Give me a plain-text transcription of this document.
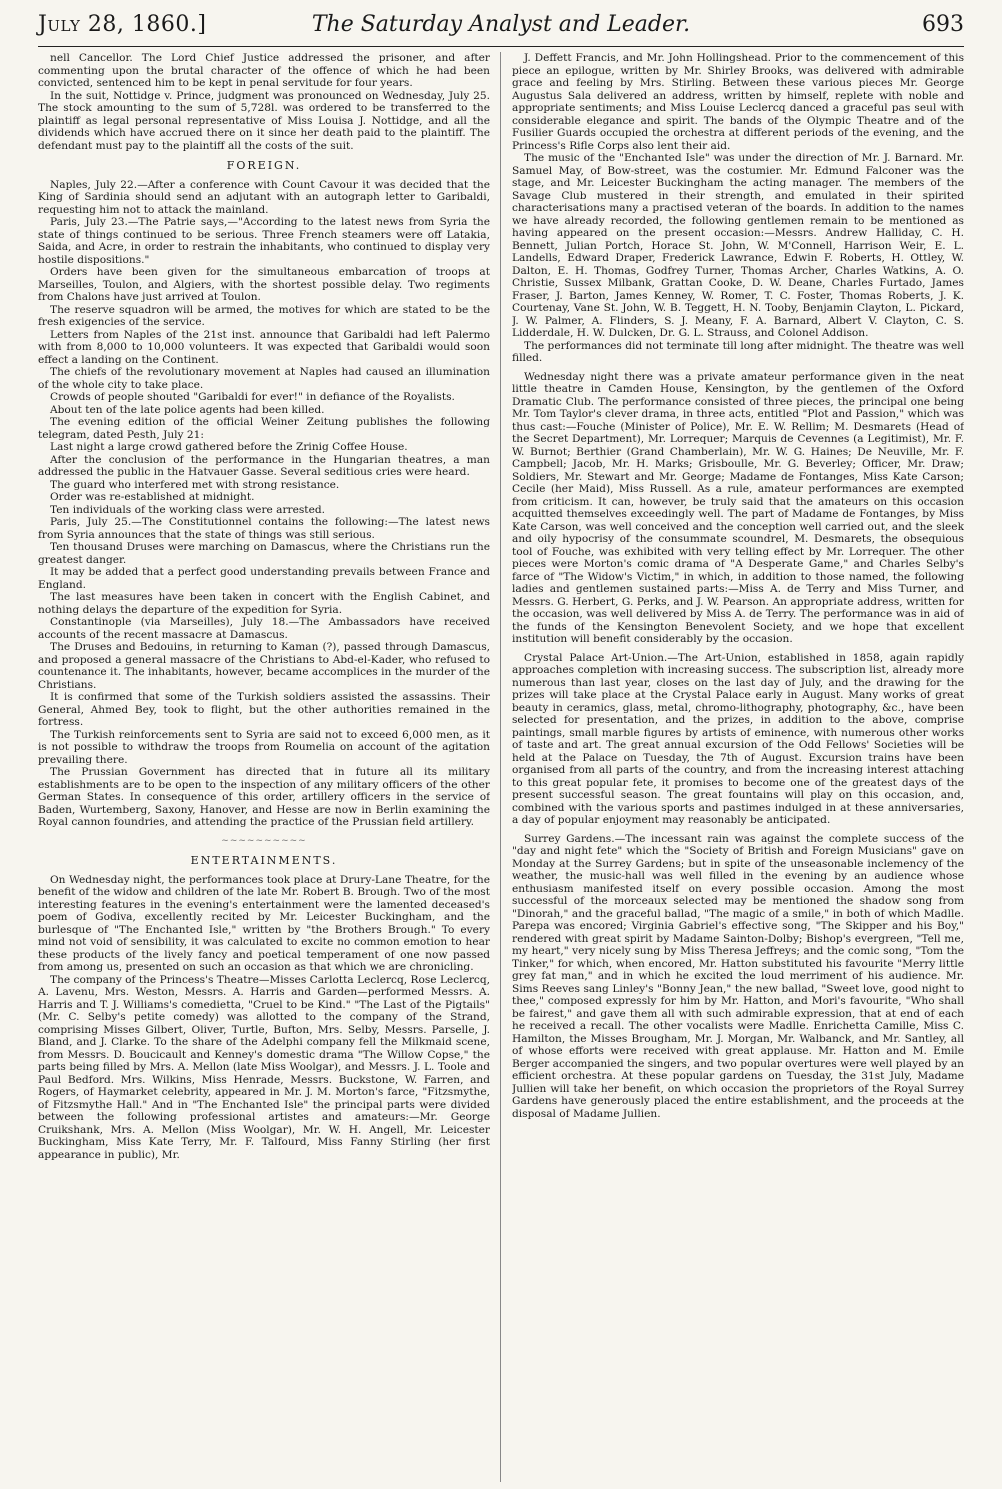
July 28, 1860.]	The Saturday Analyst and Leader.	693

nell Cancellor. The Lord Chief Justice addressed the prisoner, and after commenting upon the brutal character of the offence of which he had been convicted, sentenced him to be kept in penal servitude for four years.

In the suit, Nottidge v. Prince, judgment was pronounced on Wednesday, July 25. The stock amounting to the sum of 5,728l. was ordered to be transferred to the plaintiff as legal personal representative of Miss Louisa J. Nottidge, and all the dividends which have accrued there on it since her death paid to the plaintiff. The defendant must pay to the plaintiff all the costs of the suit.

FOREIGN.

Naples, July 22.—After a conference with Count Cavour it was decided that the King of Sardinia should send an adjutant with an autograph letter to Garibaldi, requesting him not to attack the mainland.

Paris, July 23.—The Patrie says,—"According to the latest news from Syria the state of things continued to be serious. Three French steamers were off Latakia, Saida, and Acre, in order to restrain the inhabitants, who continued to display very hostile dispositions."

Orders have been given for the simultaneous embarcation of troops at Marseilles, Toulon, and Algiers, with the shortest possible delay. Two regiments from Chalons have just arrived at Toulon.

The reserve squadron will be armed, the motives for which are stated to be the fresh exigencies of the service.

Letters from Naples of the 21st inst. announce that Garibaldi had left Palermo with from 8,000 to 10,000 volunteers. It was expected that Garibaldi would soon effect a landing on the Continent.

The chiefs of the revolutionary movement at Naples had caused an illumination of the whole city to take place.

Crowds of people shouted "Garibaldi for ever!" in defiance of the Royalists.

About ten of the late police agents had been killed.

The evening edition of the official Weiner Zeitung publishes the following telegram, dated Pesth, July 21:

Last night a large crowd gathered before the Zrinig Coffee House.

After the conclusion of the performance in the Hungarian theatres, a man addressed the public in the Hatvauer Gasse. Several seditious cries were heard.

The guard who interfered met with strong resistance.

Order was re-established at midnight.

Ten individuals of the working class were arrested.

Paris, July 25.—The Constitutionnel contains the following:—The latest news from Syria announces that the state of things was still serious.

Ten thousand Druses were marching on Damascus, where the Christians run the greatest danger.

It may be added that a perfect good understanding prevails between France and England.

The last measures have been taken in concert with the English Cabinet, and nothing delays the departure of the expedition for Syria.

Constantinople (via Marseilles), July 18.—The Ambassadors have received accounts of the recent massacre at Damascus.

The Druses and Bedouins, in returning to Kaman (?), passed through Damascus, and proposed a general massacre of the Christians to Abd-el-Kader, who refused to countenance it. The inhabitants, however, became accomplices in the murder of the Christians.

It is confirmed that some of the Turkish soldiers assisted the assassins. Their General, Ahmed Bey, took to flight, but the other authorities remained in the fortress.

The Turkish reinforcements sent to Syria are said not to exceed 6,000 men, as it is not possible to withdraw the troops from Roumelia on account of the agitation prevailing there.

The Prussian Government has directed that in future all its military establishments are to be open to the inspection of any military officers of the other German States. In consequence of this order, artillery officers in the service of Baden, Wurtemberg, Saxony, Hanover, and Hesse are now in Berlin examining the Royal cannon foundries, and attending the practice of the Prussian field artillery.

~~~~~~~~~~
ENTERTAINMENTS.

On Wednesday night, the performances took place at Drury-Lane Theatre, for the benefit of the widow and children of the late Mr. Robert B. Brough. Two of the most interesting features in the evening's entertainment were the lamented deceased's poem of Godiva, excellently recited by Mr. Leicester Buckingham, and the burlesque of "The Enchanted Isle," written by "the Brothers Brough." To every mind not void of sensibility, it was calculated to excite no common emotion to hear these products of the lively fancy and poetical temperament of one now passed from among us, presented on such an occasion as that which we are chronicling.

The company of the Princess's Theatre—Misses Carlotta Leclercq, Rose Leclercq, A. Lavenu, Mrs. Weston, Messrs. A. Harris and Garden—performed Messrs. A. Harris and T. J. Williams's comedietta, "Cruel to be Kind." "The Last of the Pigtails" (Mr. C. Selby's petite comedy) was allotted to the company of the Strand, comprising Misses Gilbert, Oliver, Turtle, Bufton, Mrs. Selby, Messrs. Parselle, J. Bland, and J. Clarke. To the share of the Adelphi company fell the Milkmaid scene, from Messrs. D. Boucicault and Kenney's domestic drama "The Willow Copse," the parts being filled by Mrs. A. Mellon (late Miss Woolgar), and Messrs. J. L. Toole and Paul Bedford. Mrs. Wilkins, Miss Henrade, Messrs. Buckstone, W. Farren, and Rogers, of Haymarket celebrity, appeared in Mr. J. M. Morton's farce, "Fitzsmythe, of Fitzsmythe Hall." And in "The Enchanted Isle" the principal parts were divided between the following professional artistes and amateurs:—Mr. George Cruikshank, Mrs. A. Mellon (Miss Woolgar), Mr. W. H. Angell, Mr. Leicester Buckingham, Miss Kate Terry, Mr. F. Talfourd, Miss Fanny Stirling (her first appearance in public), Mr.

J. Deffett Francis, and Mr. John Hollingshead. Prior to the commencement of this piece an epilogue, written by Mr. Shirley Brooks, was delivered with admirable grace and feeling by Mrs. Stirling. Between these various pieces Mr. George Augustus Sala delivered an address, written by himself, replete with noble and appropriate sentiments; and Miss Louise Leclercq danced a graceful pas seul with considerable elegance and spirit. The bands of the Olympic Theatre and of the Fusilier Guards occupied the orchestra at different periods of the evening, and the Princess's Rifle Corps also lent their aid.

The music of the "Enchanted Isle" was under the direction of Mr. J. Barnard. Mr. Samuel May, of Bow-street, was the costumier. Mr. Edmund Falconer was the stage, and Mr. Leicester Buckingham the acting manager. The members of the Savage Club mustered in their strength, and emulated in their spirited characterisations many a practised veteran of the boards. In addition to the names we have already recorded, the following gentlemen remain to be mentioned as having appeared on the present occasion:—Messrs. Andrew Halliday, C. H. Bennett, Julian Portch, Horace St. John, W. M'Connell, Harrison Weir, E. L. Landells, Edward Draper, Frederick Lawrance, Edwin F. Roberts, H. Ottley, W. Dalton, E. H. Thomas, Godfrey Turner, Thomas Archer, Charles Watkins, A. O. Christie, Sussex Milbank, Grattan Cooke, D. W. Deane, Charles Furtado, James Fraser, J. Barton, James Kenney, W. Romer, T. C. Foster, Thomas Roberts, J. K. Courtenay, Vane St. John, W. B. Teggett, H. N. Tooby, Benjamin Clayton, L. Pickard, J. W. Palmer, A. Flinders, S. J. Meany, F. A. Barnard, Albert V. Clayton, C. S. Lidderdale, H. W. Dulcken, Dr. G. L. Strauss, and Colonel Addison.

The performances did not terminate till long after midnight. The theatre was well filled.

Wednesday night there was a private amateur performance given in the neat little theatre in Camden House, Kensington, by the gentlemen of the Oxford Dramatic Club. The performance consisted of three pieces, the principal one being Mr. Tom Taylor's clever drama, in three acts, entitled "Plot and Passion," which was thus cast:—Fouche (Minister of Police), Mr. E. W. Rellim; M. Desmarets (Head of the Secret Department), Mr. Lorrequer; Marquis de Cevennes (a Legitimist), Mr. F. W. Burnot; Berthier (Grand Chamberlain), Mr. W. G. Haines; De Neuville, Mr. F. Campbell; Jacob, Mr. H. Marks; Grisboulle, Mr. G. Beverley; Officer, Mr. Draw; Soldiers, Mr. Stewart and Mr. George; Madame de Fontanges, Miss Kate Carson; Cecile (her Maid), Miss Russell. As a rule, amateur performances are exempted from criticism. It can, however, be truly said that the amateurs on this occasion acquitted themselves exceedingly well. The part of Madame de Fontanges, by Miss Kate Carson, was well conceived and the conception well carried out, and the sleek and oily hypocrisy of the consummate scoundrel, M. Desmarets, the obsequious tool of Fouche, was exhibited with very telling effect by Mr. Lorrequer. The other pieces were Morton's comic drama of "A Desperate Game," and Charles Selby's farce of "The Widow's Victim," in which, in addition to those named, the following ladies and gentlemen sustained parts:—Miss A. de Terry and Miss Turner, and Messrs. G. Herbert, G. Perks, and J. W. Pearson. An appropriate address, written for the occasion, was well delivered by Miss A. de Terry. The performance was in aid of the funds of the Kensington Benevolent Society, and we hope that excellent institution will benefit considerably by the occasion.

Crystal Palace Art-Union.—The Art-Union, established in 1858, again rapidly approaches completion with increasing success. The subscription list, already more numerous than last year, closes on the last day of July, and the drawing for the prizes will take place at the Crystal Palace early in August. Many works of great beauty in ceramics, glass, metal, chromo-lithography, photography, &c., have been selected for presentation, and the prizes, in addition to the above, comprise paintings, small marble figures by artists of eminence, with numerous other works of taste and art. The great annual excursion of the Odd Fellows' Societies will be held at the Palace on Tuesday, the 7th of August. Excursion trains have been organised from all parts of the country, and from the increasing interest attaching to this great popular fete, it promises to become one of the greatest days of the present successful season. The great fountains will play on this occasion, and, combined with the various sports and pastimes indulged in at these anniversaries, a day of popular enjoyment may reasonably be anticipated.

Surrey Gardens.—The incessant rain was against the complete success of the "day and night fete" which the "Society of British and Foreign Musicians" gave on Monday at the Surrey Gardens; but in spite of the unseasonable inclemency of the weather, the music-hall was well filled in the evening by an audience whose enthusiasm manifested itself on every possible occasion. Among the most successful of the morceaux selected may be mentioned the shadow song from "Dinorah," and the graceful ballad, "The magic of a smile," in both of which Madlle. Parepa was encored; Virginia Gabriel's effective song, "The Skipper and his Boy," rendered with great spirit by Madame Sainton-Dolby; Bishop's evergreen, "Tell me, my heart," very nicely sung by Miss Theresa Jeffreys; and the comic song, "Tom the Tinker," for which, when encored, Mr. Hatton substituted his favourite "Merry little grey fat man," and in which he excited the loud merriment of his audience. Mr. Sims Reeves sang Linley's "Bonny Jean," the new ballad, "Sweet love, good night to thee," composed expressly for him by Mr. Hatton, and Mori's favourite, "Who shall be fairest," and gave them all with such admirable expression, that at end of each he received a recall. The other vocalists were Madlle. Enrichetta Camille, Miss C. Hamilton, the Misses Brougham, Mr. J. Morgan, Mr. Walbanck, and Mr. Santley, all of whose efforts were received with great applause. Mr. Hatton and M. Emile Berger accompanied the singers, and two popular overtures were well played by an efficient orchestra. At these popular gardens on Tuesday, the 31st July, Madame Jullien will take her benefit, on which occasion the proprietors of the Royal Surrey Gardens have generously placed the entire establishment, and the proceeds at the disposal of Madame Jullien.
